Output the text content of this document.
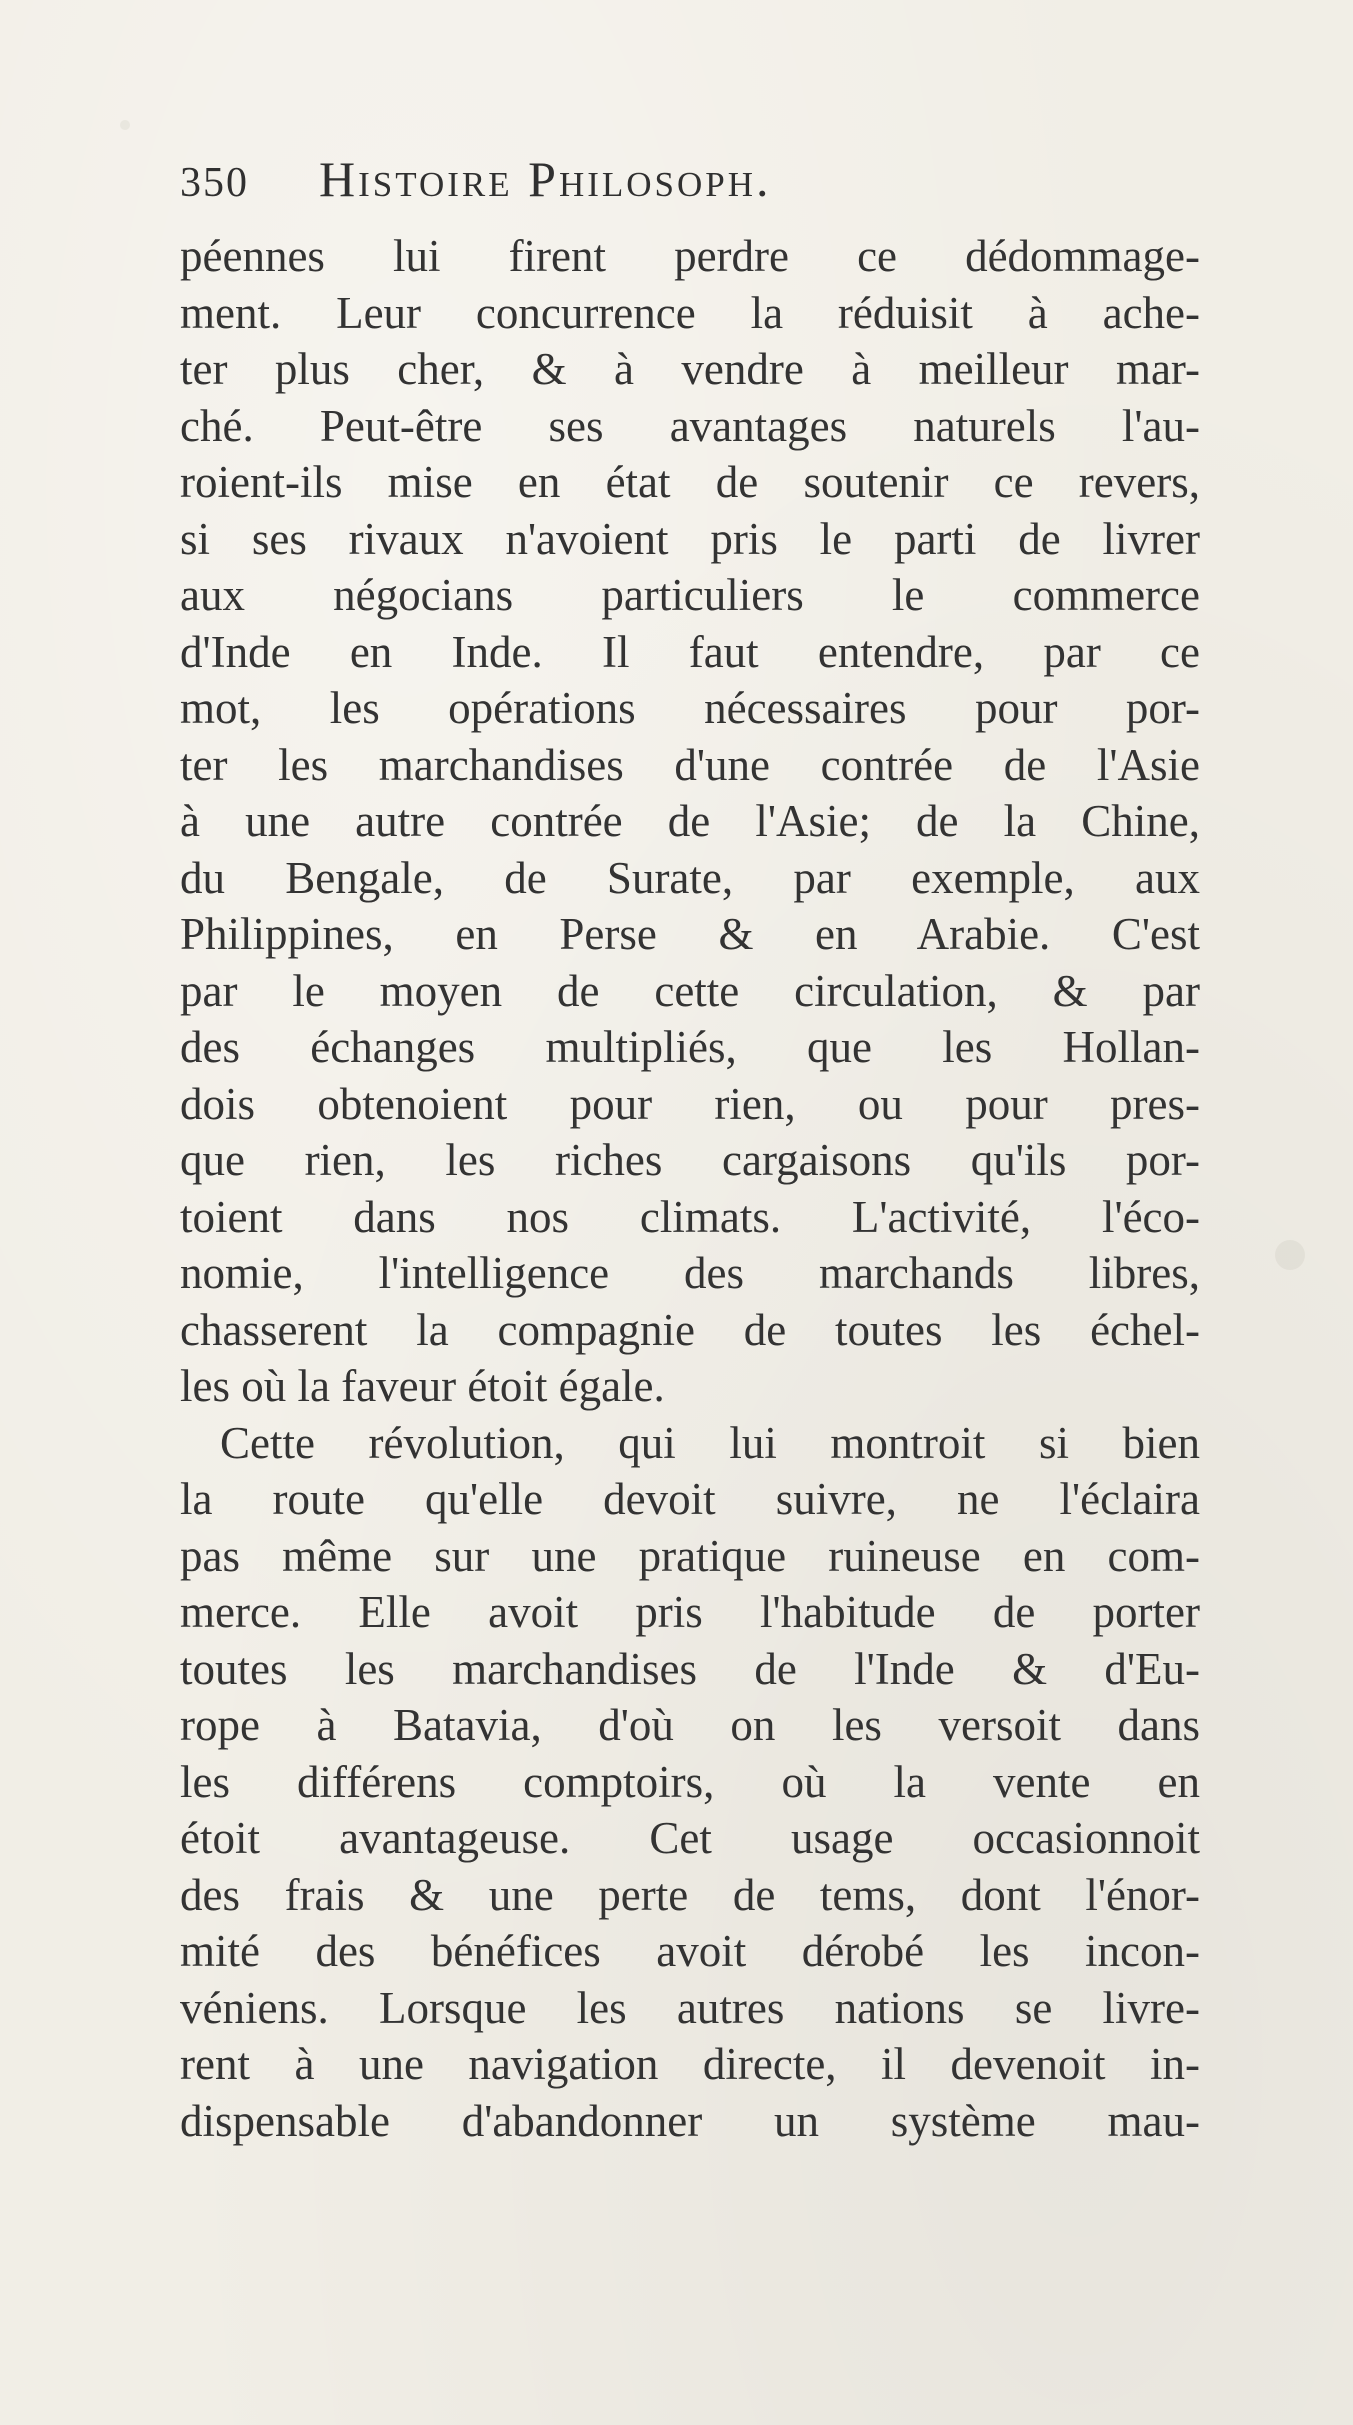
350 Histoire Philosoph.
péennes lui firent perdre ce dédommage-
ment. Leur concurrence la réduisit à ache-
ter plus cher, & à vendre à meilleur mar-
ché. Peut-être ses avantages naturels l'au-
roient-ils mise en état de soutenir ce revers,
si ses rivaux n'avoient pris le parti de livrer
aux négocians particuliers le commerce
d'Inde en Inde. Il faut entendre, par ce
mot, les opérations nécessaires pour por-
ter les marchandises d'une contrée de l'Asie
à une autre contrée de l'Asie; de la Chine,
du Bengale, de Surate, par exemple, aux
Philippines, en Perse & en Arabie. C'est
par le moyen de cette circulation, & par
des échanges multipliés, que les Hollan-
dois obtenoient pour rien, ou pour pres-
que rien, les riches cargaisons qu'ils por-
toient dans nos climats. L'activité, l'éco-
nomie, l'intelligence des marchands libres,
chasserent la compagnie de toutes les échel-
les où la faveur étoit égale.
Cette révolution, qui lui montroit si bien
la route qu'elle devoit suivre, ne l'éclaira
pas même sur une pratique ruineuse en com-
merce. Elle avoit pris l'habitude de porter
toutes les marchandises de l'Inde & d'Eu-
rope à Batavia, d'où on les versoit dans
les différens comptoirs, où la vente en
étoit avantageuse. Cet usage occasionnoit
des frais & une perte de tems, dont l'énor-
mité des bénéfices avoit dérobé les incon-
véniens. Lorsque les autres nations se livre-
rent à une navigation directe, il devenoit in-
dispensable d'abandonner un système mau-
